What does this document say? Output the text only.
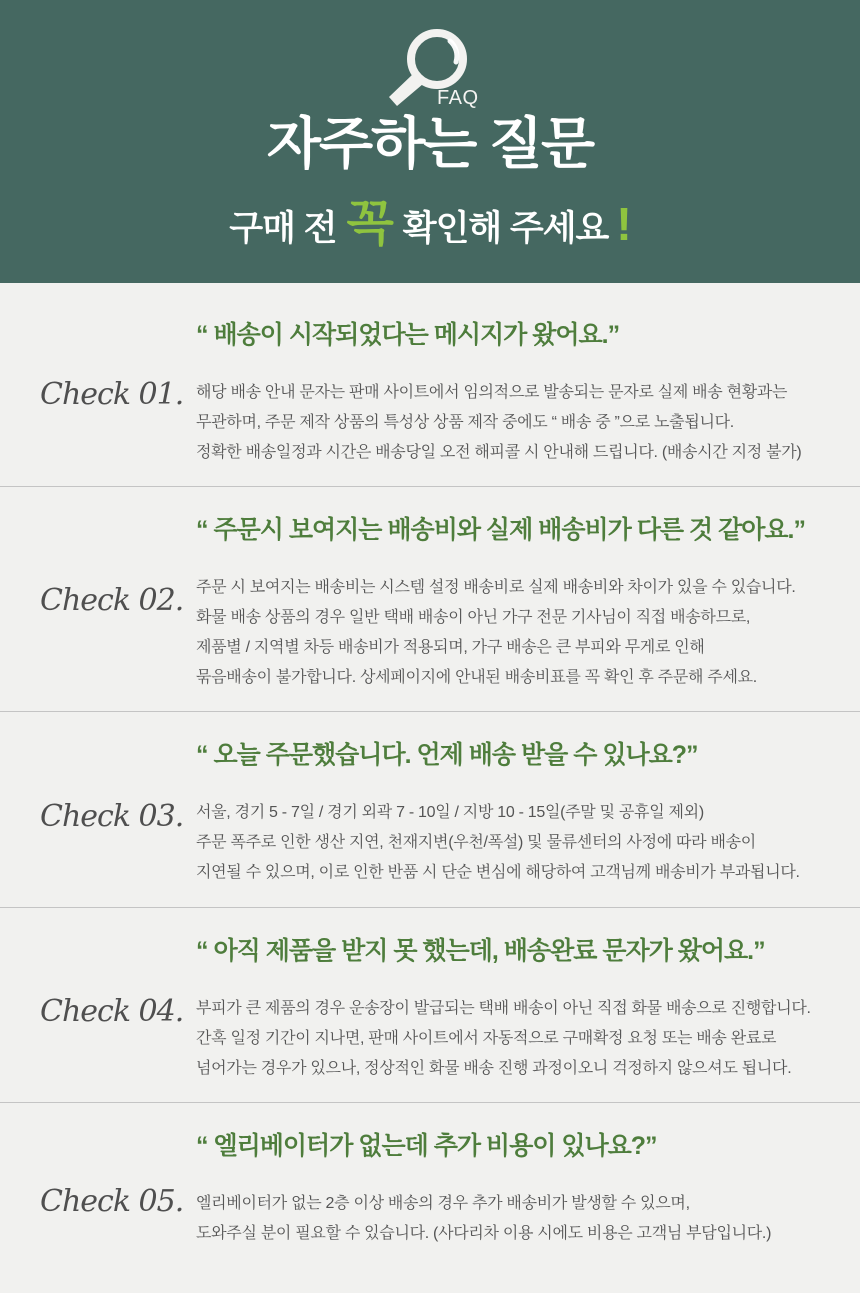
FAQ
자주하는 질문

구매 전 꼭 확인해 주세요 !

Check 01.
“ 배송이 시작되었다는 메시지가 왔어요.”
해당 배송 안내 문자는 판매 사이트에서 임의적으로 발송되는 문자로 실제 배송 현황과는
무관하며, 주문 제작 상품의 특성상 상품 제작 중에도 “ 배송 중 ”으로 노출됩니다.
정확한 배송일정과 시간은 배송당일 오전 해피콜 시 안내해 드립니다. (배송시간 지정 불가)
Check 02.
“ 주문시 보여지는 배송비와 실제 배송비가 다른 것 같아요.”
주문 시 보여지는 배송비는 시스템 설정 배송비로 실제 배송비와 차이가 있을 수 있습니다.
화물 배송 상품의 경우 일반 택배 배송이 아닌 가구 전문 기사님이 직접 배송하므로,
제품별 / 지역별 차등 배송비가 적용되며, 가구 배송은 큰 부피와 무게로 인해
묶음배송이 불가합니다. 상세페이지에 안내된 배송비표를 꼭 확인 후 주문해 주세요.
Check 03.
“ 오늘 주문했습니다. 언제 배송 받을 수 있나요?”
서울, 경기 5 - 7일 / 경기 외곽 7 - 10일 / 지방 10 - 15일(주말 및 공휴일 제외)
주문 폭주로 인한 생산 지연, 천재지변(우천/폭설) 및 물류센터의 사정에 따라 배송이
지연될 수 있으며, 이로 인한 반품 시 단순 변심에 해당하여 고객님께 배송비가 부과됩니다.
Check 04.
“ 아직 제품을 받지 못 했는데, 배송완료 문자가 왔어요.”
부피가 큰 제품의 경우 운송장이 발급되는 택배 배송이 아닌 직접 화물 배송으로 진행합니다.
간혹 일정 기간이 지나면, 판매 사이트에서 자동적으로 구매확정 요청 또는 배송 완료로
넘어가는 경우가 있으나, 정상적인 화물 배송 진행 과정이오니 걱정하지 않으셔도 됩니다.
Check 05.
“ 엘리베이터가 없는데 추가 비용이 있나요?”
엘리베이터가 없는 2층 이상 배송의 경우 추가 배송비가 발생할 수 있으며,
도와주실 분이 필요할 수 있습니다. (사다리차 이용 시에도 비용은 고객님 부담입니다.)
